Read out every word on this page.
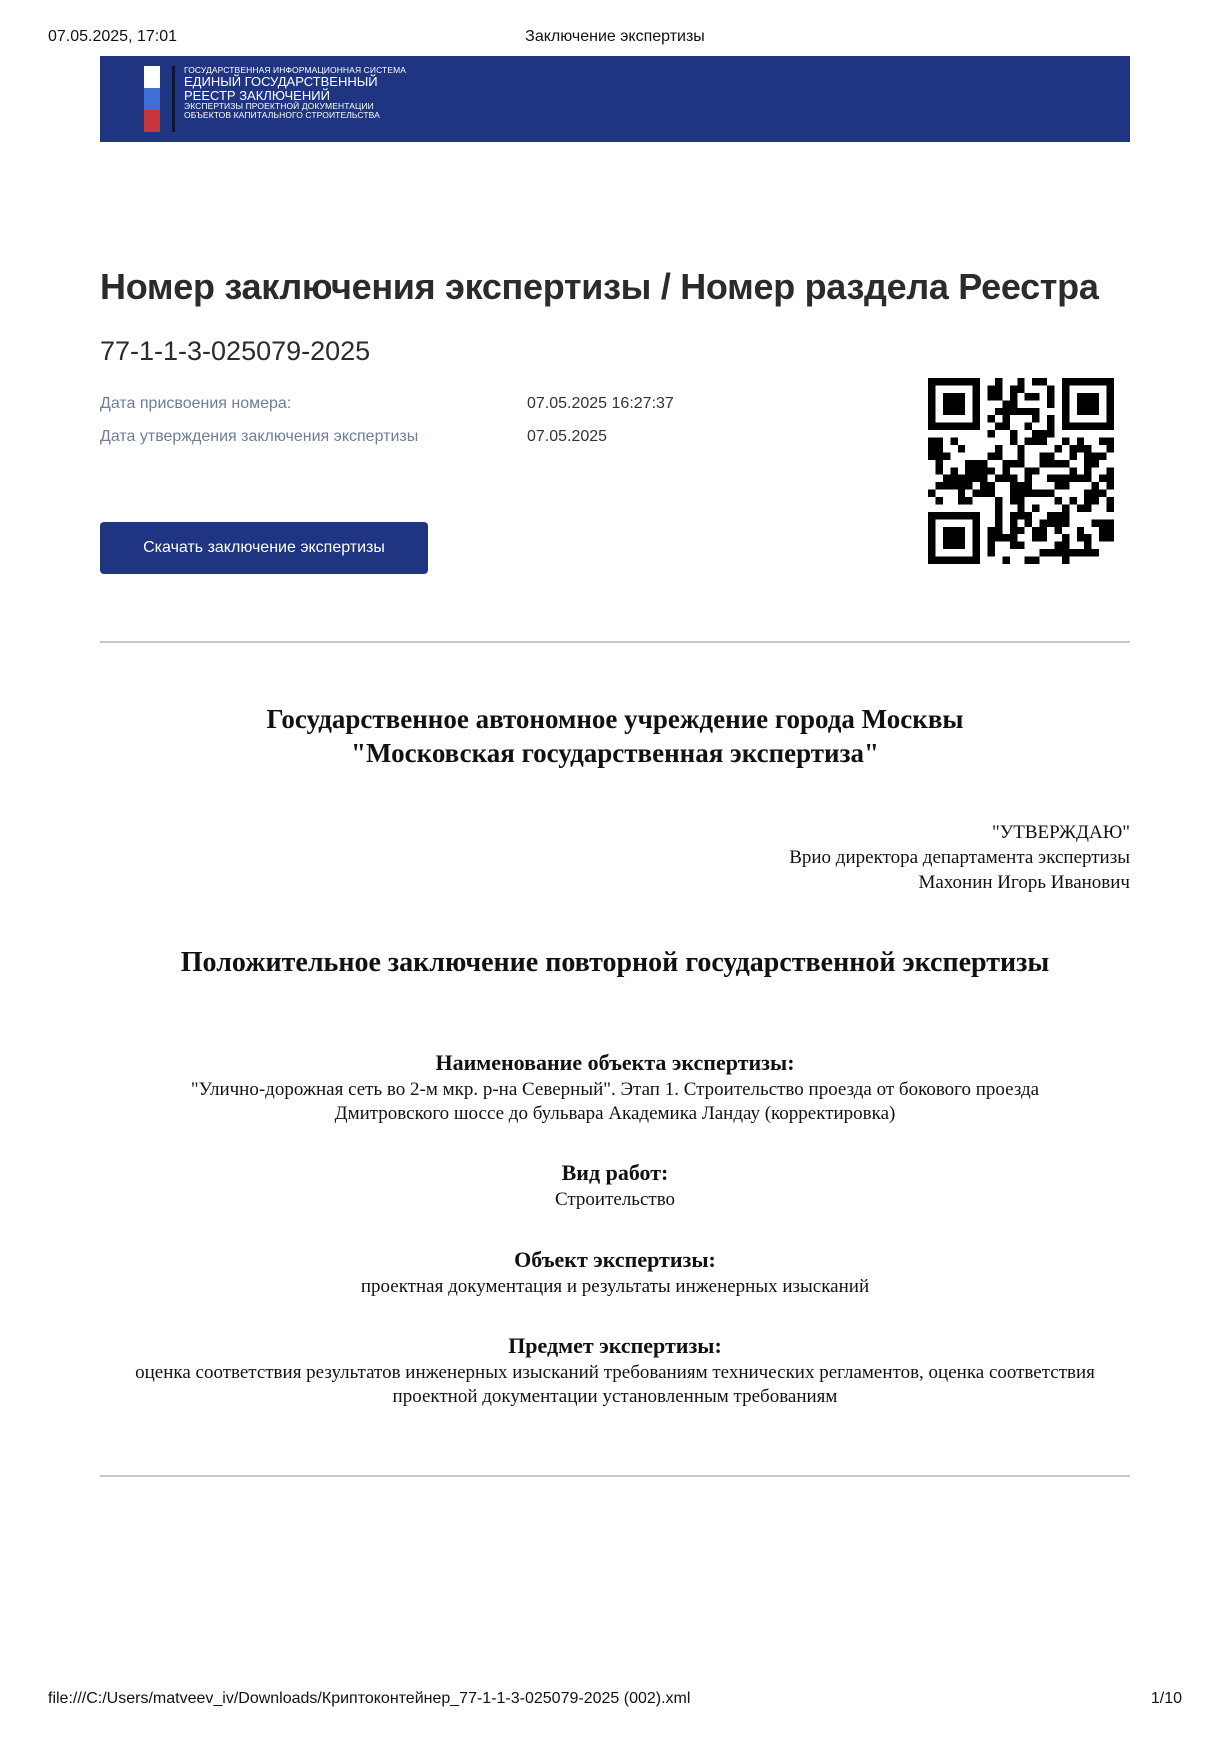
07.05.2025, 17:01	Заключение экспертизы
ГОСУДАРСТВЕННАЯ ИНФОРМАЦИОННАЯ СИСТЕМА
ЕДИНЫЙ ГОСУДАРСТВЕННЫЙ
РЕЕСТР ЗАКЛЮЧЕНИЙ
ЭКСПЕРТИЗЫ ПРОЕКТНОЙ ДОКУМЕНТАЦИИ
ОБЪЕКТОВ КАПИТАЛЬНОГО СТРОИТЕЛЬСТВА
Номер заключения экспертизы / Номер раздела Реестра
77-1-1-3-025079-2025
Дата присвоения номера:	07.05.2025 16:27:37
Дата утверждения заключения экспертизы	07.05.2025
Скачать заключение экспертизы
Государственное автономное учреждение города Москвы
"Московская государственная экспертиза"
"УТВЕРЖДАЮ"
Врио директора департамента экспертизы
Махонин Игорь Иванович
Положительное заключение повторной государственной экспертизы
Наименование объекта экспертизы:
"Улично-дорожная сеть во 2-м мкр. р-на Северный". Этап 1. Строительство проезда от бокового проезда
Дмитровского шоссе до бульвара Академика Ландау (корректировка)
Вид работ:
Строительство
Объект экспертизы:
проектная документация и результаты инженерных изысканий
Предмет экспертизы:
оценка соответствия результатов инженерных изысканий требованиям технических регламентов, оценка соответствия
проектной документации установленным требованиям
file:///C:/Users/matveev_iv/Downloads/Криптоконтейнер_77-1-1-3-025079-2025 (002).xml	1/10
